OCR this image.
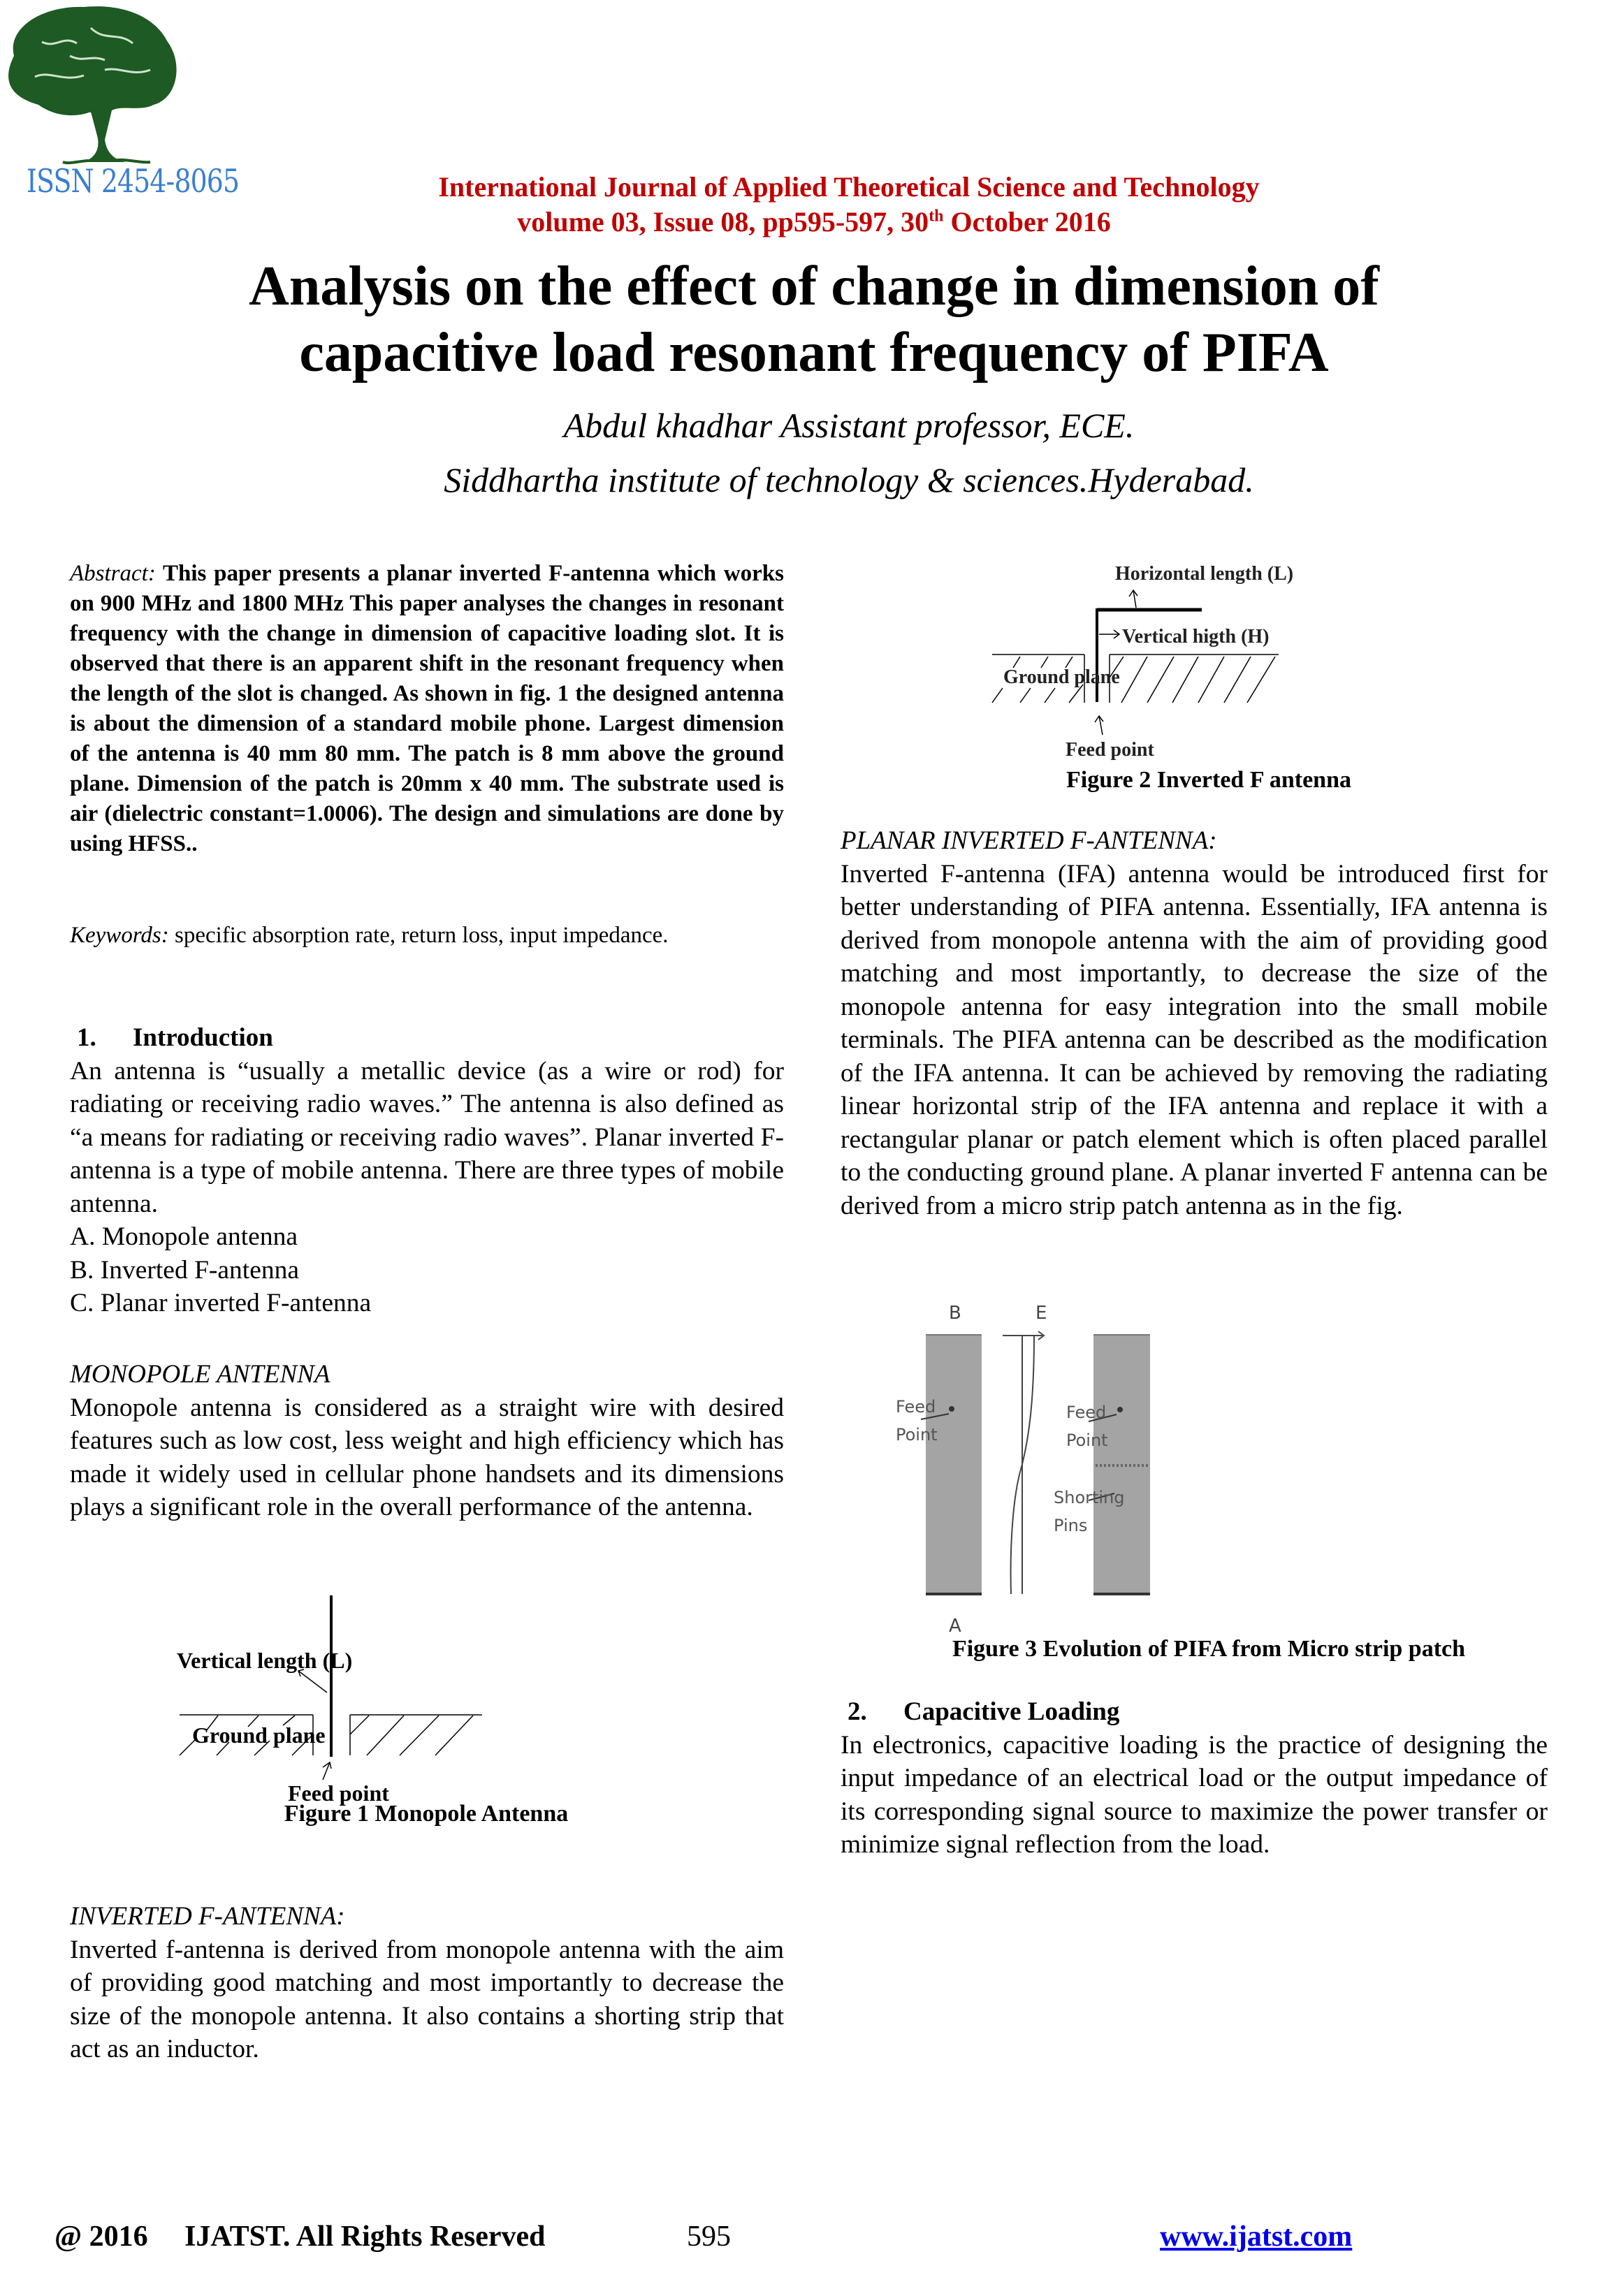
ISSN 2454-8065	International Journal of Applied Theoretical Science and Technology
volume 03, Issue 08, pp595-597, 30th October 2016
Analysis on the effect of change in dimension of
capacitive load resonant frequency of PIFA
Abdul khadhar Assistant professor, ECE.
Siddhartha institute of technology & sciences.Hyderabad.

Abstract: This paper presents a planar inverted F-antenna which works on 900 MHz and 1800 MHz This paper analyses the changes in resonant frequency with the change in dimension of capacitive loading slot. It is observed that there is an apparent shift in the resonant frequency when the length of the slot is changed. As shown in fig. 1 the designed antenna is about the dimension of a standard mobile phone. Largest dimension of the antenna is 40 mm 80 mm. The patch is 8 mm above the ground plane. Dimension of the patch is 20mm x 40 mm. The substrate used is air (dielectric constant=1.0006). The design and simulations are done by using HFSS..

Keywords: specific absorption rate, return loss, input impedance.

1. Introduction

An antenna is “usually a metallic device (as a wire or rod) for radiating or receiving radio waves.” The antenna is also defined as “a means for radiating or receiving radio waves”. Planar inverted F-antenna is a type of mobile antenna. There are three types of mobile antenna.

A. Monopole antenna
B. Inverted F-antenna
C. Planar inverted F-antenna
MONOPOLE ANTENNA

Monopole antenna is considered as a straight wire with desired features such as low cost, less weight and high efficiency which has made it widely used in cellular phone handsets and its dimensions plays a significant role in the overall performance of the antenna.

Vertical length (L)
Ground plane
Feed point
Figure 1 Monopole Antenna
INVERTED F-ANTENNA:

Inverted f-antenna is derived from monopole antenna with the aim of providing good matching and most importantly to decrease the size of the monopole antenna. It also contains a shorting strip that act as an inductor.

Horizontal length (L)
Vertical higth (H)
Ground plane
Feed point
Figure 2 Inverted F antenna
PLANAR INVERTED F-ANTENNA:

Inverted F-antenna (IFA) antenna would be introduced first for better understanding of PIFA antenna. Essentially, IFA antenna is derived from monopole antenna with the aim of providing good matching and most importantly, to decrease the size of the monopole antenna for easy integration into the small mobile terminals. The PIFA antenna can be described as the modification of the IFA antenna. It can be achieved by removing the radiating linear horizontal strip of the IFA antenna and replace it with a rectangular planar or patch element which is often placed parallel to the conducting ground plane. A planar inverted F antenna can be derived from a micro strip patch antenna as in the fig.

B	E
A
Feed
Point
Feed
Point
Shorting
Pins
Figure 3 Evolution of PIFA from Micro strip patch
2. Capacitive Loading

In electronics, capacitive loading is the practice of designing the input impedance of an electrical load or the output impedance of its corresponding signal source to maximize the power transfer or minimize signal reflection from the load.

@ 2016     IJATST. All Rights Reserved	595	www.ijatst.com
